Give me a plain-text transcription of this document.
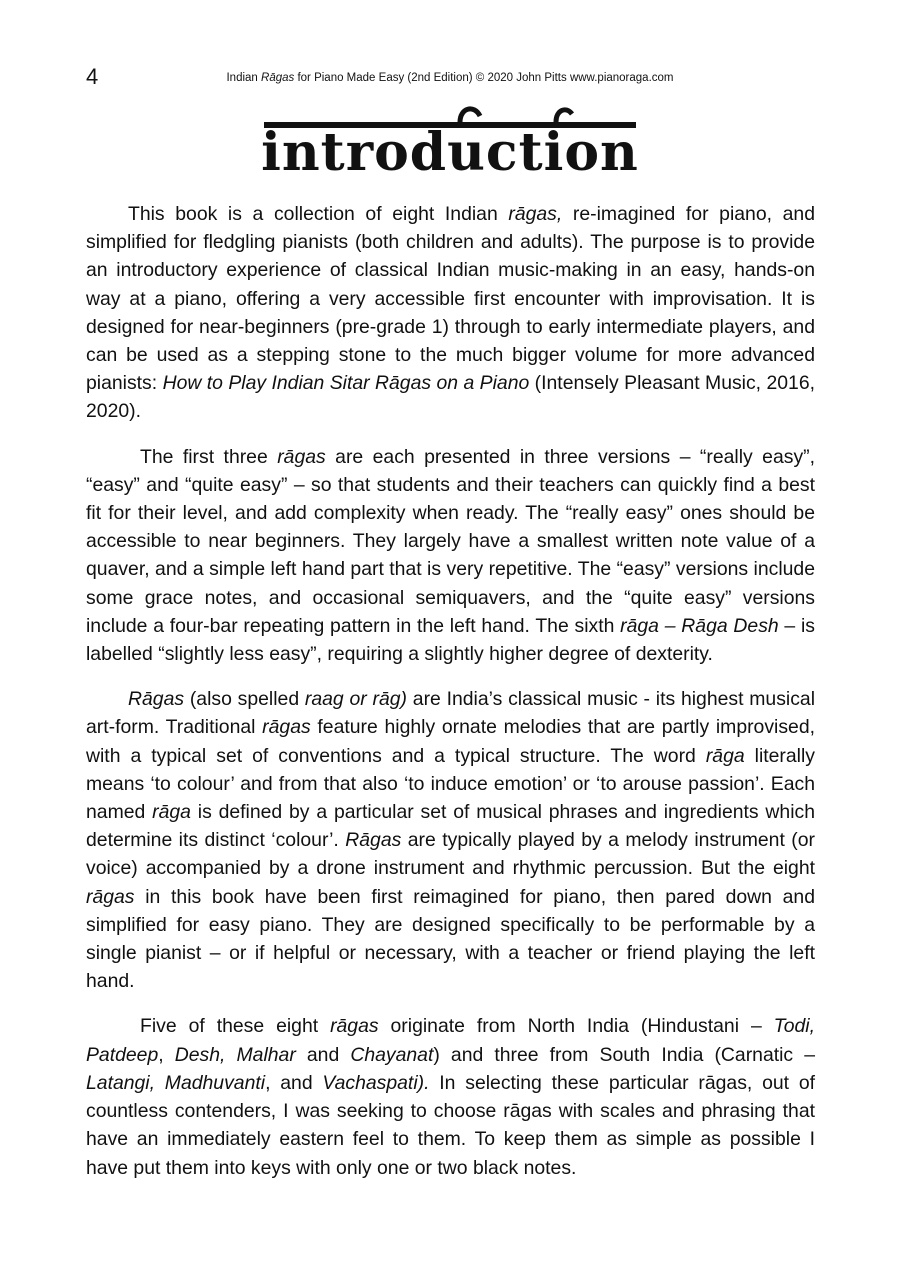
4	Indian Rāgas for Piano Made Easy (2nd Edition) © 2020 John Pitts www.pianoraga.com
introduction

This book is a collection of eight Indian rāgas, re-imagined for piano, and simplified for fledgling pianists (both children and adults). The purpose is to provide an introductory experience of classical Indian music-making in an easy, hands-on way at a piano, offering a very accessible first encounter with improvisation. It is designed for near-beginners (pre-grade 1) through to early intermediate players, and can be used as a stepping stone to the much bigger volume for more advanced pianists: How to Play Indian Sitar Rāgas on a Piano (Intensely Pleasant Music, 2016, 2020).

The first three rāgas are each presented in three versions – “really easy”, “easy” and “quite easy” – so that students and their teachers can quickly find a best fit for their level, and add complexity when ready. The “really easy” ones should be accessible to near beginners. They largely have a smallest written note value of a quaver, and a simple left hand part that is very repetitive. The “easy” versions include some grace notes, and occasional semiquavers, and the “quite easy” versions include a four-bar repeating pattern in the left hand. The sixth rāga – Rāga Desh – is labelled “slightly less easy”, requiring a slightly higher degree of dexterity.

Rāgas (also spelled raag or rāg) are India’s classical music - its highest musical art-form. Traditional rāgas feature highly ornate melodies that are partly improvised, with a typical set of conventions and a typical structure. The word rāga literally means ‘to colour’ and from that also ‘to induce emotion’ or ‘to arouse passion’. Each named rāga is defined by a particular set of musical phrases and ingredients which determine its distinct ‘colour’. Rāgas are typically played by a melody instrument (or voice) accompanied by a drone instrument and rhythmic percussion. But the eight rāgas in this book have been first reimagined for piano, then pared down and simplified for easy piano. They are designed specifically to be performable by a single pianist – or if helpful or necessary, with a teacher or friend playing the left hand.

Five of these eight rāgas originate from North India (Hindustani – Todi, Patdeep, Desh, Malhar and Chayanat) and three from South India (Carnatic – Latangi, Madhuvanti, and Vachaspati). In selecting these particular rāgas, out of countless contenders, I was seeking to choose rāgas with scales and phrasing that have an immediately eastern feel to them. To keep them as simple as possible I have put them into keys with only one or two black notes.
